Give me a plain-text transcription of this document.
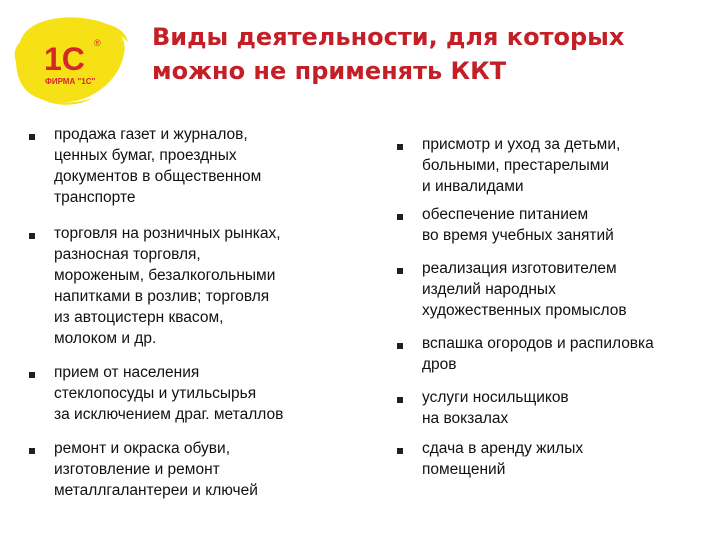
1С ®
ФИРМА "1С"
Виды деятельности, для которых
можно не применять ККТ
продажа газет и журналов,
ценных бумаг, проездных
документов в общественном
транспорте
торговля на розничных рынках,
разносная торговля,
мороженым, безалкогольными
напитками в розлив; торговля
из автоцистерн квасом,
молоком и др.
прием от населения
стеклопосуды и утильсырья
за исключением драг. металлов
ремонт и окраска обуви,
изготовление и ремонт
металлгалантереи и ключей
присмотр и уход за детьми,
больными, престарелыми
и инвалидами
обеспечение питанием
во время учебных занятий
реализация изготовителем
изделий народных
художественных промыслов
вспашка огородов и распиловка
дров
услуги носильщиков
на вокзалах
сдача в аренду жилых
помещений
